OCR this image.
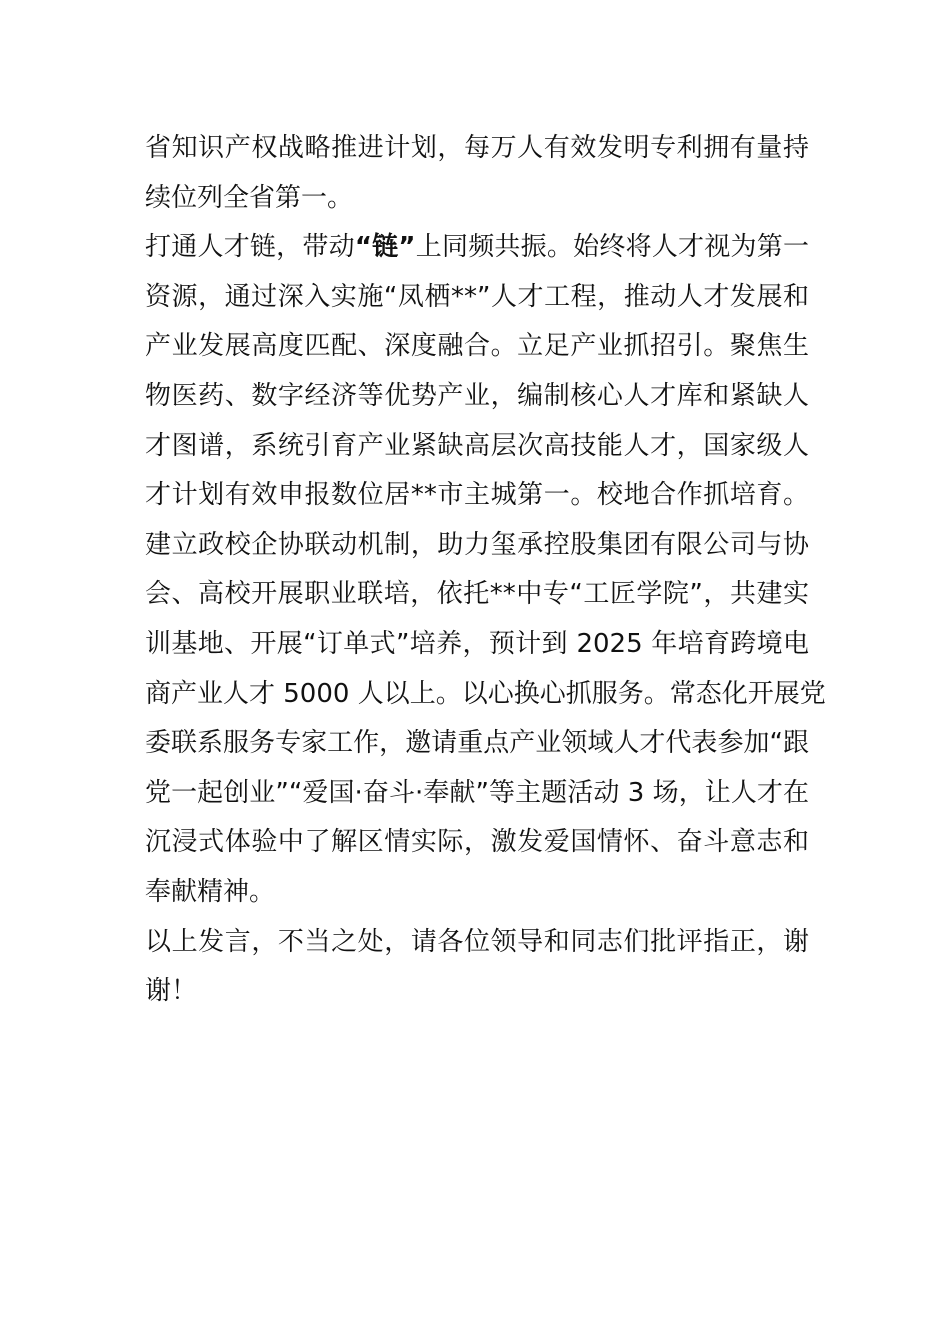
省知识产权战略推进计划，每万人有效发明专利拥有量持
续位列全省第一。

打通人才链，带动“链”上同频共振。始终将人才视为第一
资源，通过深入实施“凤栖**”人才工程，推动人才发展和
产业发展高度匹配、深度融合。立足产业抓招引。聚焦生
物医药、数字经济等优势产业，编制核心人才库和紧缺人
才图谱，系统引育产业紧缺高层次高技能人才，国家级人
才计划有效申报数位居**市主城第一。校地合作抓培育。
建立政校企协联动机制，助力玺承控股集团有限公司与协
会、高校开展职业联培，依托**中专“工匠学院”，共建实
训基地、开展“订单式”培养，预计到 2025 年培育跨境电
商产业人才 5000 人以上。以心换心抓服务。常态化开展党
委联系服务专家工作，邀请重点产业领域人才代表参加“跟
党一起创业”“爱国·奋斗·奉献”等主题活动 3 场，让人才在
沉浸式体验中了解区情实际，激发爱国情怀、奋斗意志和
奉献精神。

以上发言，不当之处，请各位领导和同志们批评指正，谢
谢！
